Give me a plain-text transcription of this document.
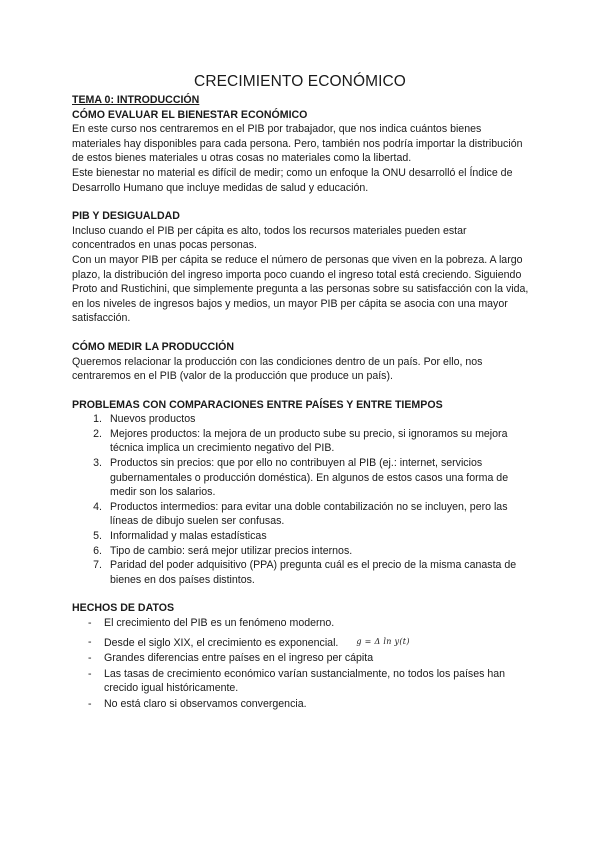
CRECIMIENTO ECONÓMICO

TEMA 0: INTRODUCCIÓN

CÓMO EVALUAR EL BIENESTAR ECONÓMICO

En este curso nos centraremos en el PIB por trabajador, que nos indica cuántos bienes materiales hay disponibles para cada persona. Pero, también nos podría importar la distribución de estos bienes materiales u otras cosas no materiales como la libertad.

Este bienestar no material es difícil de medir; como un enfoque la ONU desarrolló el Índice de Desarrollo Humano que incluye medidas de salud y educación.

PIB Y DESIGUALDAD

Incluso cuando el PIB per cápita es alto, todos los recursos materiales pueden estar concentrados en unas pocas personas.

Con un mayor PIB per cápita se reduce el número de personas que viven en la pobreza. A largo plazo, la distribución del ingreso importa poco cuando el ingreso total está creciendo. Siguiendo Proto and Rustichini, que simplemente pregunta a las personas sobre su satisfacción con la vida, en los niveles de ingresos bajos y medios, un mayor PIB per cápita se asocia con una mayor satisfacción.

CÓMO MEDIR LA PRODUCCIÓN

Queremos relacionar la producción con las condiciones dentro de un país. Por ello, nos centraremos en el PIB (valor de la producción que produce un país).

PROBLEMAS CON COMPARACIONES ENTRE PAÍSES Y ENTRE TIEMPOS

1. Nuevos productos
2. Mejores productos: la mejora de un producto sube su precio, si ignoramos su mejora técnica implica un crecimiento negativo del PIB.
3. Productos sin precios: que por ello no contribuyen al PIB (ej.: internet, servicios gubernamentales o producción doméstica). En algunos de estos casos una forma de medir son los salarios.
4. Productos intermedios: para evitar una doble contabilización no se incluyen, pero las líneas de dibujo suelen ser confusas.
5. Informalidad y malas estadísticas
6. Tipo de cambio: será mejor utilizar precios internos.
7. Paridad del poder adquisitivo (PPA) pregunta cuál es el precio de la misma canasta de bienes en dos países distintos.

HECHOS DE DATOS

- El crecimiento del PIB es un fenómeno moderno.
- Desde el siglo XIX, el crecimiento es exponencial. g = Δ ln y(t)
- Grandes diferencias entre países en el ingreso per cápita
- Las tasas de crecimiento económico varían sustancialmente, no todos los países han crecido igual históricamente.
- No está claro si observamos convergencia.
